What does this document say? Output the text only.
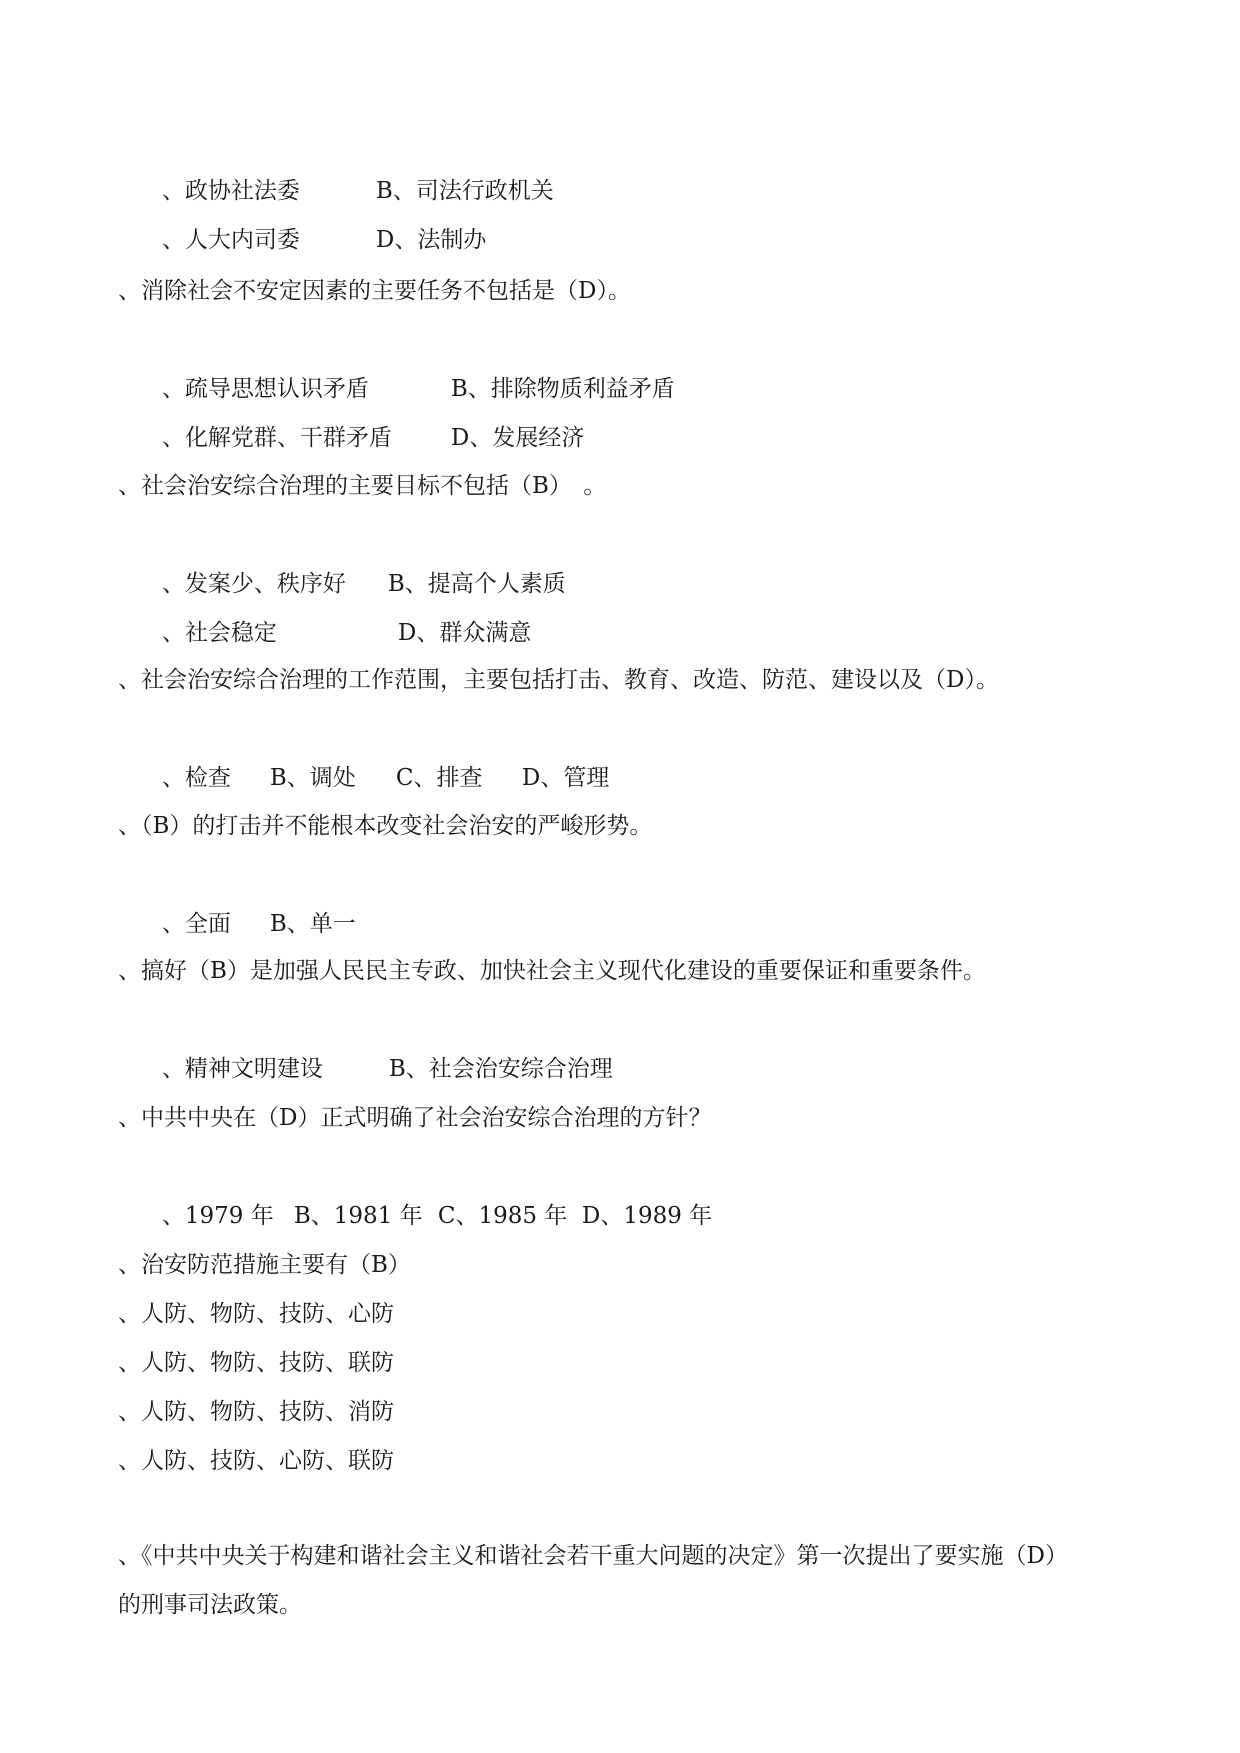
、政协社法委	B、司法行政机关

、人大内司委	D、法制办

、消除社会不安定因素的主要任务不包括是（D）。

、疏导思想认识矛盾	B、排除物质利益矛盾

、化解党群、干群矛盾	D、发展经济

、社会治安综合治理的主要目标不包括（B）　。

、发案少、秩序好 B、提高个人素质

、社会稳定	D、群众满意

、社会治安综合治理的工作范围，主要包括打击、教育、改造、防范、建设以及（D）。

、检查 B、调处 C、排查 D、管理

、（B）的打击并不能根本改变社会治安的严峻形势。

、全面 B、单一

、搞好（B）是加强人民民主专政、加快社会主义现代化建设的重要保证和重要条件。

、精神文明建设	B、社会治安综合治理

、中共中央在（D）正式明确了社会治安综合治理的方针？

、1979 年 B、1981 年 C、1985 年 D、1989 年

、治安防范措施主要有（B）
、人防、物防、技防、心防
、人防、物防、技防、联防
、人防、物防、技防、消防
、人防、技防、心防、联防
、《中共中央关于构建和谐社会主义和谐社会若干重大问题的决定》第一次提出了要实施（D）
的刑事司法政策。
